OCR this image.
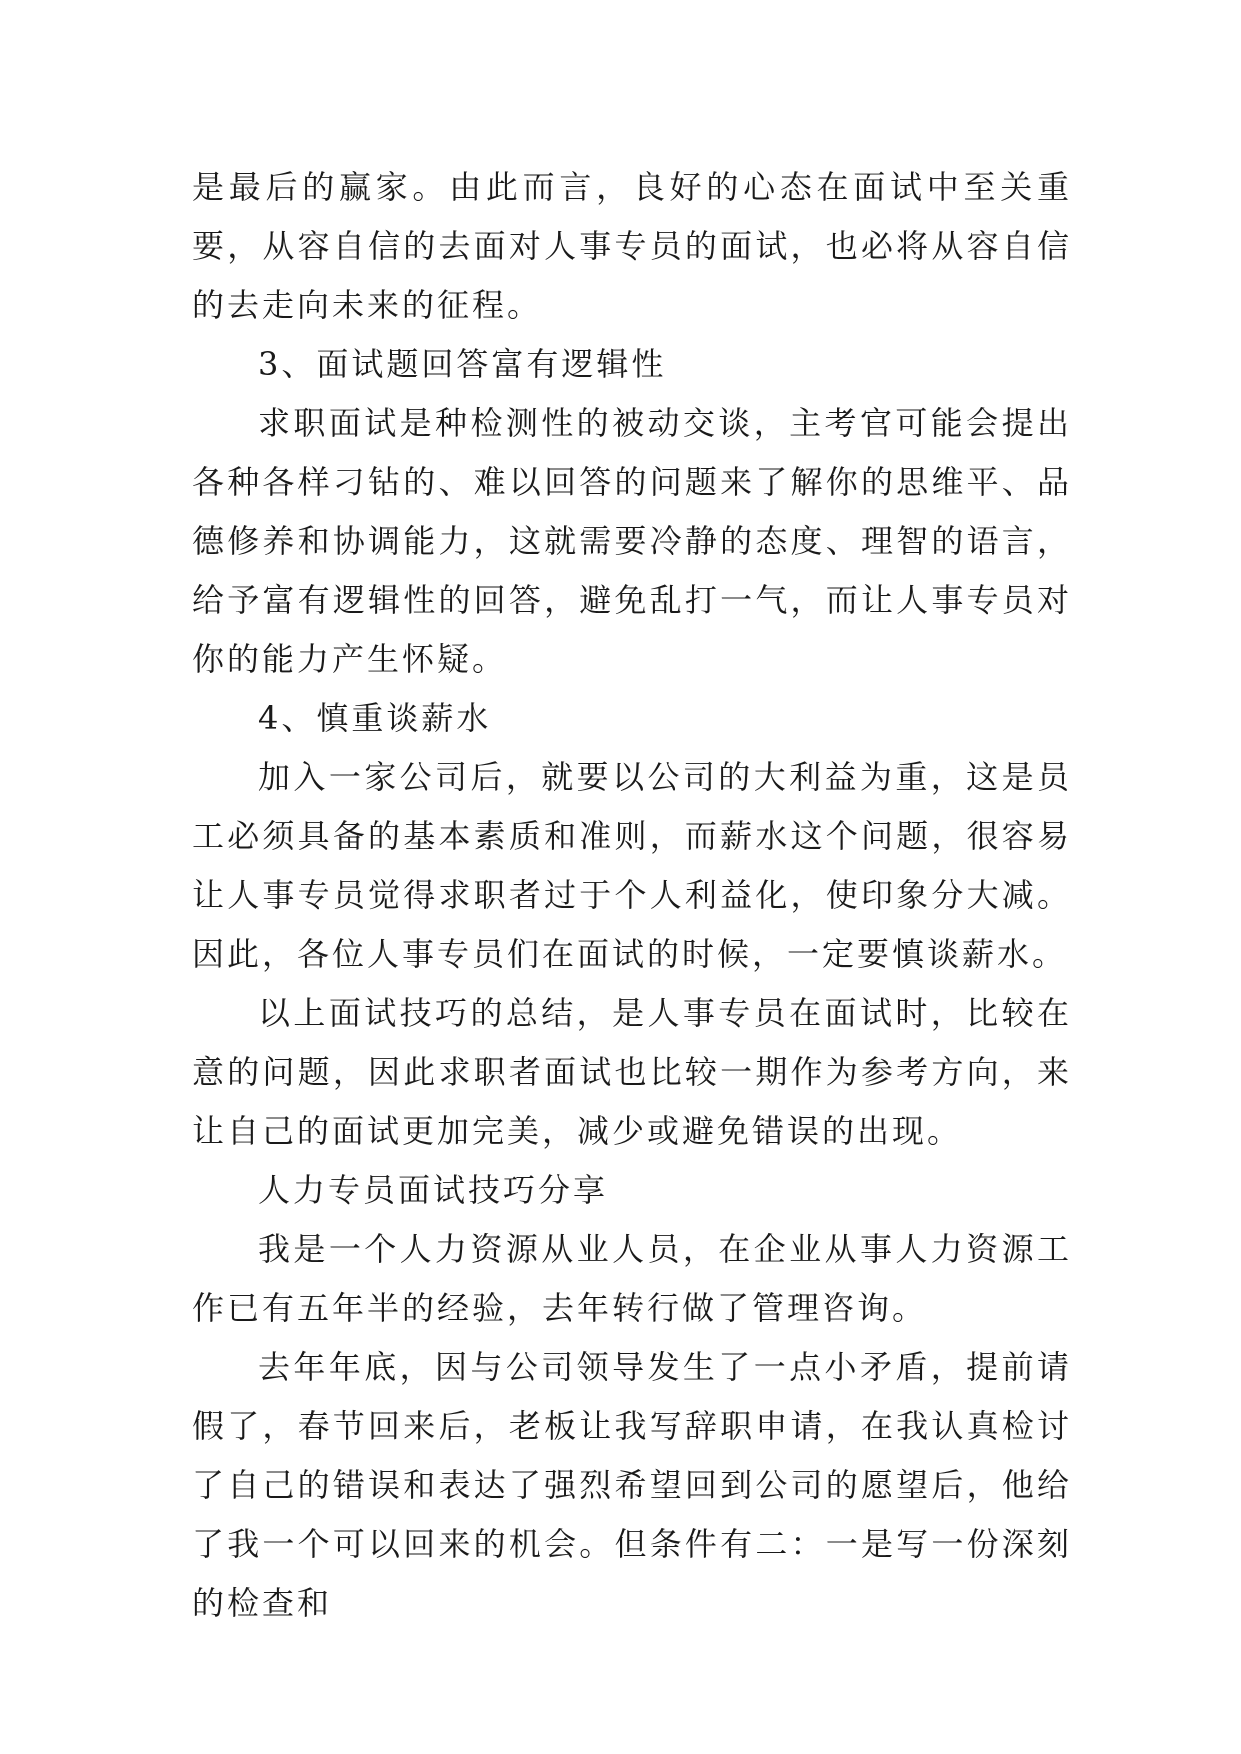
是最后的赢家。由此而言，良好的心态在面试中至关重要，从容自信的去面对人事专员的面试，也必将从容自信的去走向未来的征程。

3、面试题回答富有逻辑性

求职面试是种检测性的被动交谈，主考官可能会提出各种各样刁钻的、难以回答的问题来了解你的思维平、品德修养和协调能力，这就需要冷静的态度、理智的语言，给予富有逻辑性的回答，避免乱打一气，而让人事专员对你的能力产生怀疑。

4、慎重谈薪水

加入一家公司后，就要以公司的大利益为重，这是员工必须具备的基本素质和准则，而薪水这个问题，很容易让人事专员觉得求职者过于个人利益化，使印象分大减。因此，各位人事专员们在面试的时候，一定要慎谈薪水。

以上面试技巧的总结，是人事专员在面试时，比较在意的问题，因此求职者面试也比较一期作为参考方向，来让自己的面试更加完美，减少或避免错误的出现。

人力专员面试技巧分享

我是一个人力资源从业人员，在企业从事人力资源工作已有五年半的经验，去年转行做了管理咨询。

去年年底，因与公司领导发生了一点小矛盾，提前请假了，春节回来后，老板让我写辞职申请，在我认真检讨了自己的错误和表达了强烈希望回到公司的愿望后，他给了我一个可以回来的机会。但条件有二：一是写一份深刻的检查和
